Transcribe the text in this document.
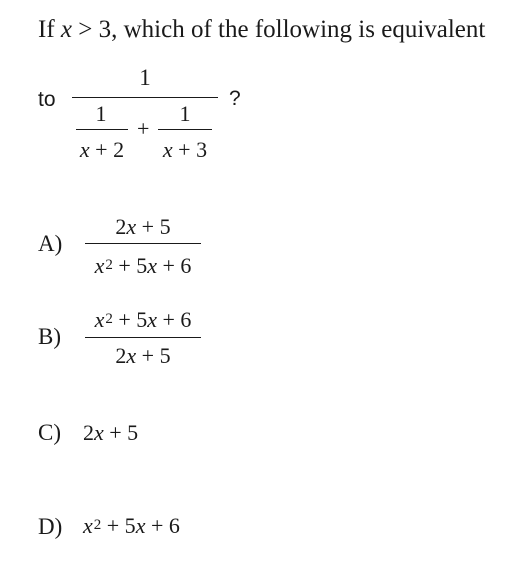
If x > 3, which of the following is equivalent
to
1
1
x + 2
+
1
x + 3
?
A)
2x + 5
$x^2 + 5x + 6$
B)
$x^2 + 5x + 6$
2x + 5
C) 2x + 5
D) $x^2 + 5x + 6$
